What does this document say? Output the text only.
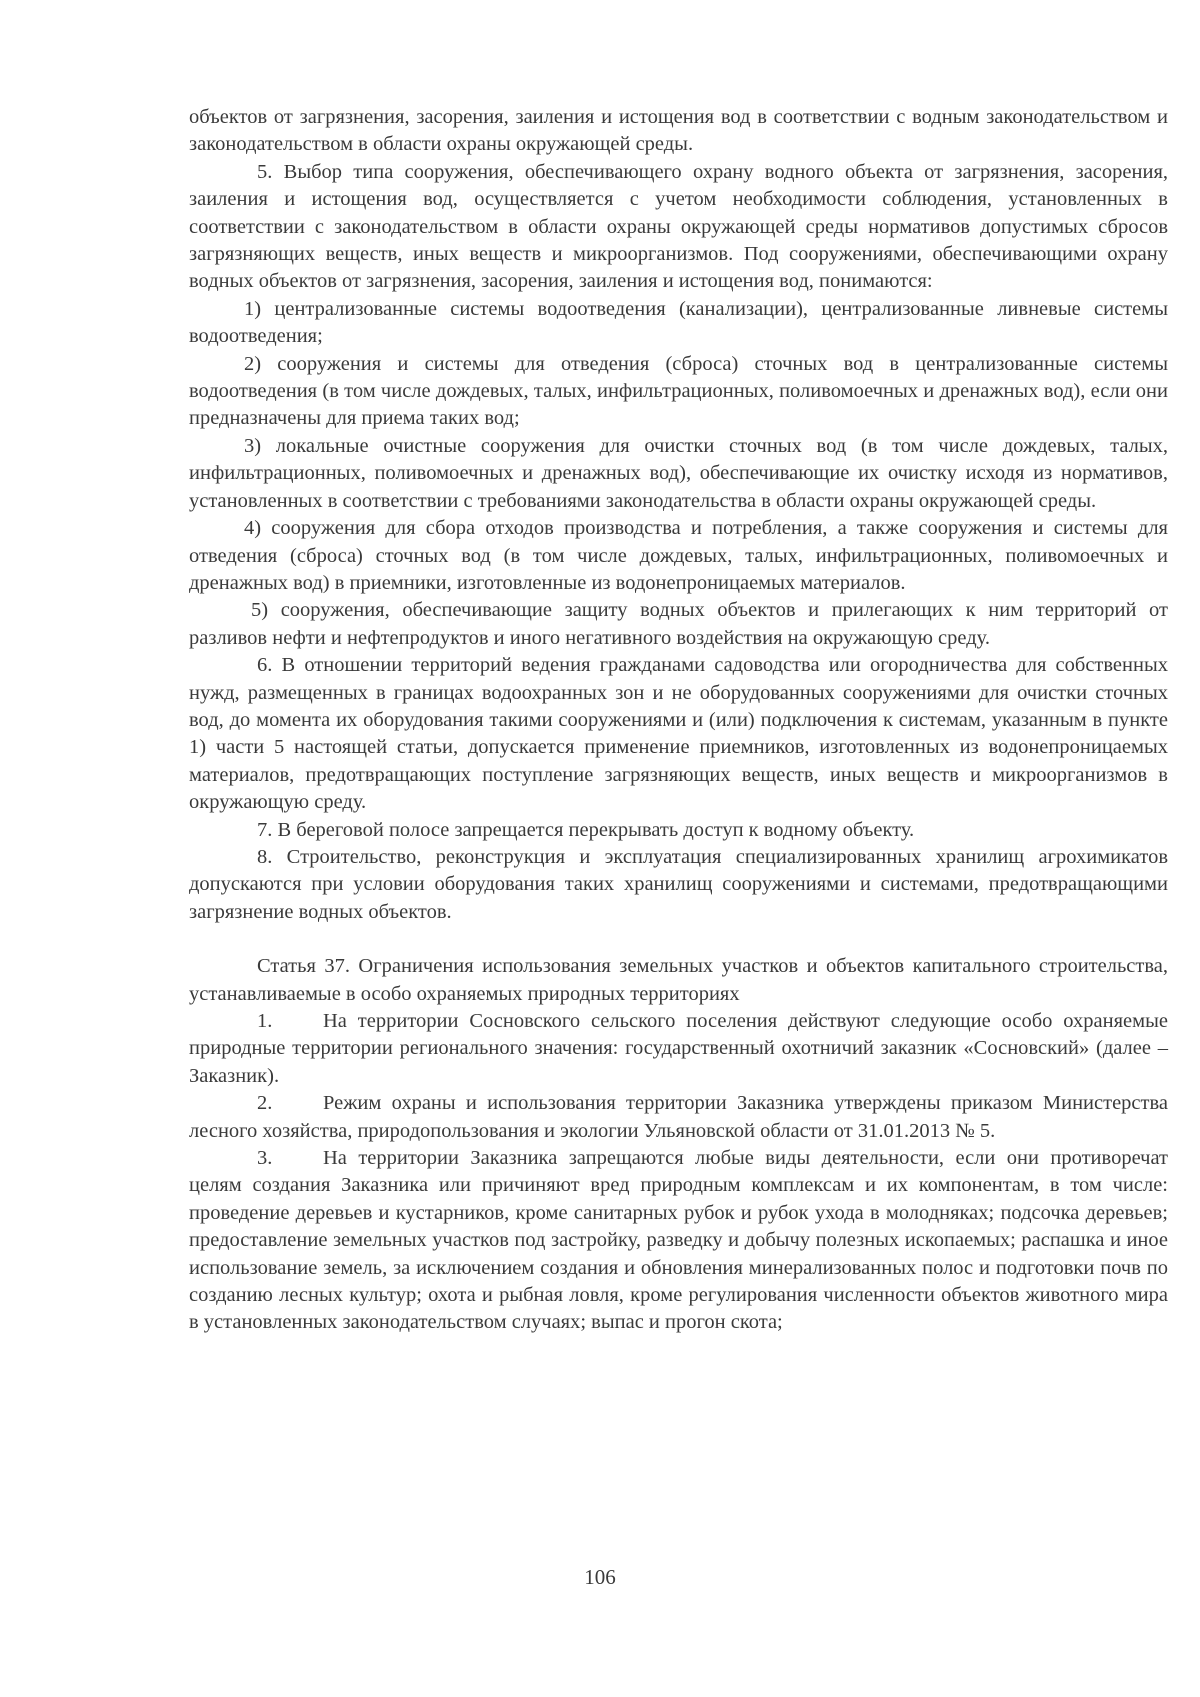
объектов от загрязнения, засорения, заиления и истощения вод в соответствии с водным законодательством и законодательством в области охраны окружающей среды.

5. Выбор типа сооружения, обеспечивающего охрану водного объекта от загрязнения, засорения, заиления и истощения вод, осуществляется с учетом необходимости соблюдения, установленных в соответствии с законодательством в области охраны окружающей среды нормативов допустимых сбросов загрязняющих веществ, иных веществ и микроорганизмов. Под сооружениями, обеспечивающими охрану водных объектов от загрязнения, засорения, заиления и истощения вод, понимаются:

1) централизованные системы водоотведения (канализации), централизованные ливневые системы водоотведения;

2) сооружения и системы для отведения (сброса) сточных вод в централизованные системы водоотведения (в том числе дождевых, талых, инфильтрационных, поливомоечных и дренажных вод), если они предназначены для приема таких вод;

3) локальные очистные сооружения для очистки сточных вод (в том числе дождевых, талых, инфильтрационных, поливомоечных и дренажных вод), обеспечивающие их очистку исходя из нормативов, установленных в соответствии с требованиями законодательства в области охраны окружающей среды.

4) сооружения для сбора отходов производства и потребления, а также сооружения и системы для отведения (сброса) сточных вод (в том числе дождевых, талых, инфильтрационных, поливомоечных и дренажных вод) в приемники, изготовленные из водонепроницаемых материалов.

5) сооружения, обеспечивающие защиту водных объектов и прилегающих к ним территорий от разливов нефти и нефтепродуктов и иного негативного воздействия на окружающую среду.

6. В отношении территорий ведения гражданами садоводства или огородничества для собственных нужд, размещенных в границах водоохранных зон и не оборудованных сооружениями для очистки сточных вод, до момента их оборудования такими сооружениями и (или) подключения к системам, указанным в пункте 1) части 5 настоящей статьи, допускается применение приемников, изготовленных из водонепроницаемых материалов, предотвращающих поступление загрязняющих веществ, иных веществ и микроорганизмов в окружающую среду.

7. В береговой полосе запрещается перекрывать доступ к водному объекту.

8. Строительство, реконструкция и эксплуатация специализированных хранилищ агрохимикатов допускаются при условии оборудования таких хранилищ сооружениями и системами, предотвращающими загрязнение водных объектов.

Статья 37. Ограничения использования земельных участков и объектов капитального строительства, устанавливаемые в особо охраняемых природных территориях

1. На территории Сосновского сельского поселения действуют следующие особо охраняемые природные территории регионального значения: государственный охотничий заказник «Сосновский» (далее – Заказник).

2. Режим охраны и использования территории Заказника утверждены приказом Министерства лесного хозяйства, природопользования и экологии Ульяновской области от 31.01.2013 № 5.

3. На территории Заказника запрещаются любые виды деятельности, если они противоречат целям создания Заказника или причиняют вред природным комплексам и их компонентам, в том числе: проведение деревьев и кустарников, кроме санитарных рубок и рубок ухода в молодняках; подсочка деревьев; предоставление земельных участков под застройку, разведку и добычу полезных ископаемых; распашка и иное использование земель, за исключением создания и обновления минерализованных полос и подготовки почв по созданию лесных культур; охота и рыбная ловля, кроме регулирования численности объектов животного мира в установленных законодательством случаях; выпас и прогон скота;

106
